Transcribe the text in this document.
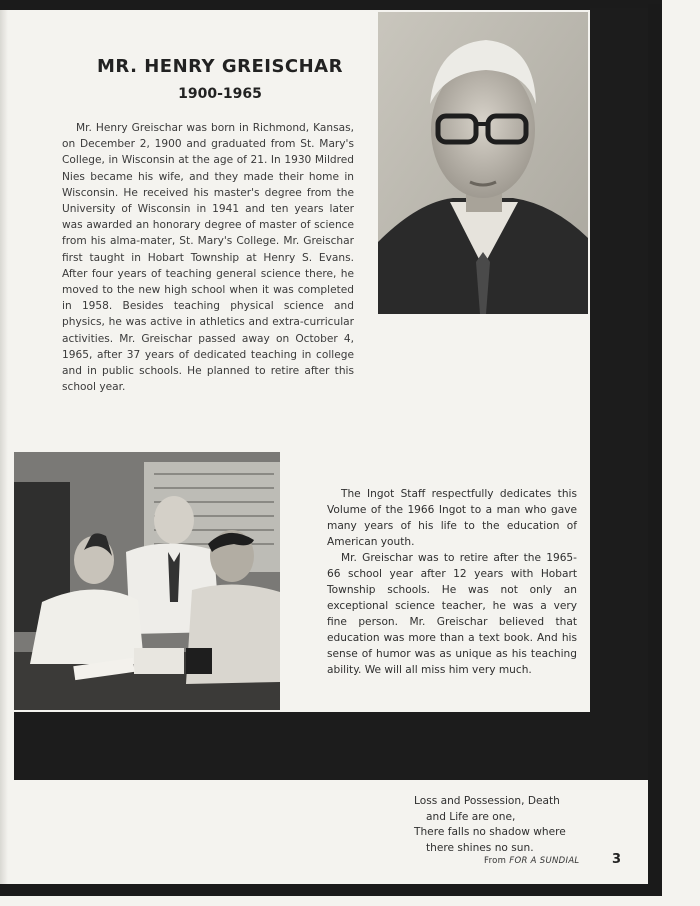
MR. HENRY GREISCHAR
1900-1965
Mr. Henry Greischar was born in Richmond, Kansas, on December 2, 1900 and graduated from St. Mary's College, in Wisconsin at the age of 21. In 1930 Mildred Nies became his wife, and they made their home in Wisconsin. He received his master's degree from the University of Wisconsin in 1941 and ten years later was awarded an honorary degree of master of science from his alma-mater, St. Mary's College. Mr. Greischar first taught in Hobart Township at Henry S. Evans. After four years of teaching general science there, he moved to the new high school when it was completed in 1958. Besides teaching physical science and physics, he was active in athletics and extra-curricular activities. Mr. Greischar passed away on October 4, 1965, after 37 years of dedicated teaching in college and in public schools. He planned to retire after this school year.

The Ingot Staff respectfully dedicates this Volume of the 1966 Ingot to a man who gave many years of his life to the education of American youth.

Mr. Greischar was to retire after the 1965-66 school year after 12 years with Hobart Township schools. He was not only an exceptional science teacher, he was a very fine person. Mr. Greischar believed that education was more than a text book. And his sense of humor was as unique as his teaching ability. We will all miss him very much.

Loss and Possession, Death
and Life are one,
There falls no shadow where
there shines no sun.
From FOR A SUNDIAL	3
